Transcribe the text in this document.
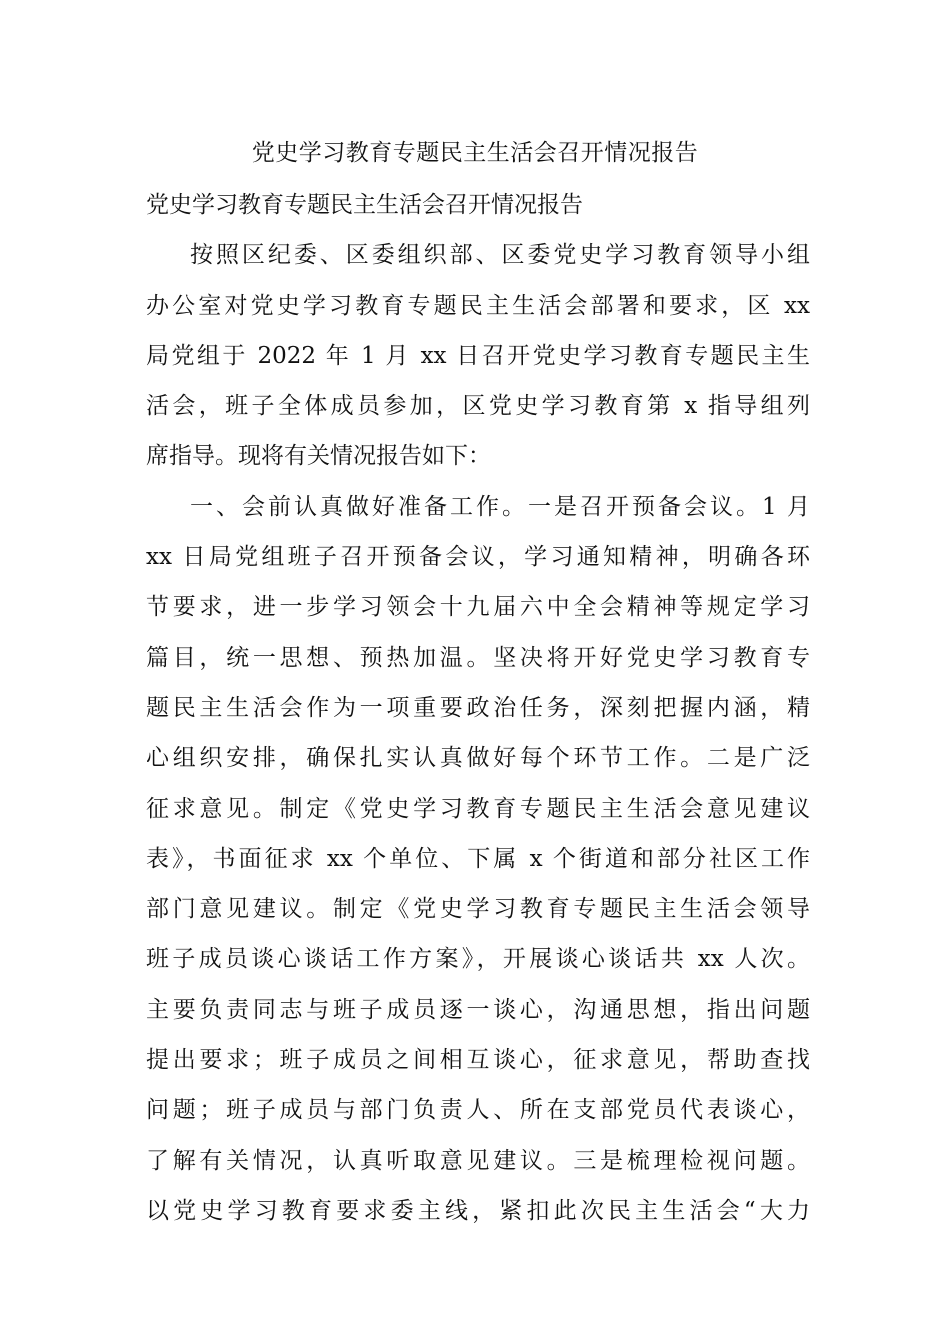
党史学习教育专题民主生活会召开情况报告
党史学习教育专题民主生活会召开情况报告
按照区纪委、区委组织部、区委党史学习教育领导小组
办公室对党史学习教育专题民主生活会部署和要求，区 xx
局党组于 2022 年 1 月 xx 日召开党史学习教育专题民主生
活会，班子全体成员参加，区党史学习教育第 x 指导组列
席指导。现将有关情况报告如下：
一、会前认真做好准备工作。一是召开预备会议。1 月
xx 日局党组班子召开预备会议，学习通知精神，明确各环
节要求，进一步学习领会十九届六中全会精神等规定学习
篇目，统一思想、预热加温。坚决将开好党史学习教育专
题民主生活会作为一项重要政治任务，深刻把握内涵，精
心组织安排，确保扎实认真做好每个环节工作。二是广泛
征求意见。制定《党史学习教育专题民主生活会意见建议
表》，书面征求 xx 个单位、下属 x 个街道和部分社区工作
部门意见建议。制定《党史学习教育专题民主生活会领导
班子成员谈心谈话工作方案》，开展谈心谈话共 xx 人次。
主要负责同志与班子成员逐一谈心，沟通思想，指出问题
提出要求；班子成员之间相互谈心，征求意见，帮助查找
问题；班子成员与部门负责人、所在支部党员代表谈心，
了解有关情况，认真听取意见建议。三是梳理检视问题。
以党史学习教育要求委主线，紧扣此次民主生活会“大力
